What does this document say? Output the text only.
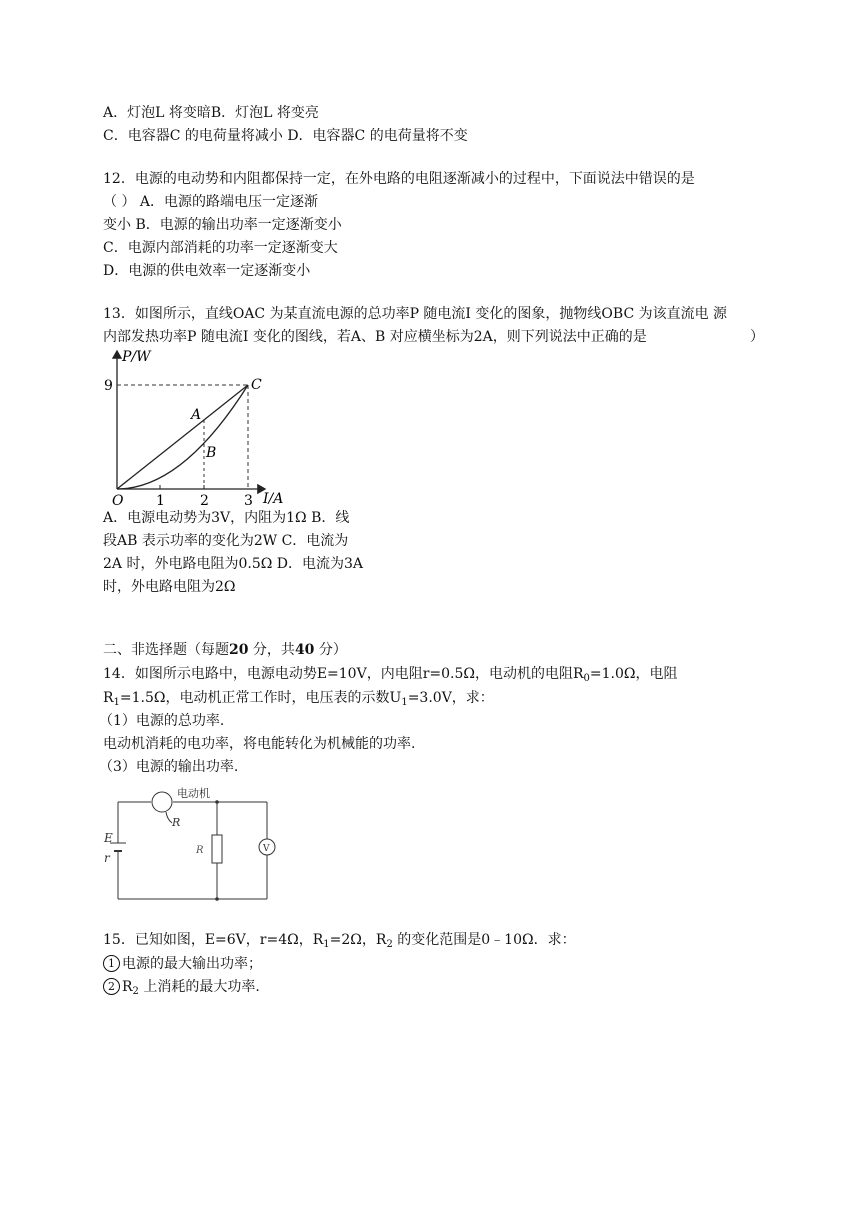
A．灯泡L 将变暗B．灯泡L 将变亮
C．电容器C 的电荷量将减小 D．电容器C 的电荷量将不变
12．电源的电动势和内阻都保持一定，在外电路的电阻逐渐减小的过程中，下面说法中错误的是
（ ） A．电源的路端电压一定逐渐
变小 B．电源的输出功率一定逐渐变小
C．电源内部消耗的功率一定逐渐变大
D．电源的供电效率一定逐渐变小
13．如图所示，直线OAC 为某直流电源的总功率P 随电流I 变化的图象，抛物线OBC 为该直流电 源
内部发热功率P 随电流I 变化的图线，若A、B 对应横坐标为2A，则下列说法中正确的是	）
P/W
9
O 1	2	3 I/A
A
B
C
A．电源电动势为3V，内阻为1Ω B．线
段AB 表示功率的变化为2W C．电流为
2A 时，外电路电阻为0.5Ω D．电流为3A
时，外电路电阻为2Ω
二、非选择题（每题20 分，共40 分）
14．如图所示电路中，电源电动势E=10V，内电阻r=0.5Ω，电动机的电阻$R_0=1.0\Omega$，电阻
$R_1=1.5\Omega$，电动机正常工作时，电压表的示数$U_1=3.0V$，求：
（1）电源的总功率.
电动机消耗的电功率，将电能转化为机械能的功率.
（3）电源的输出功率.
电动机
R
E
r
R	V
15．已知如图，E=6V，r=4Ω，$R_1=2\Omega$，$R_2$ 的变化范围是0﹣10Ω．求：
1 电源的最大输出功率；
2 $R_2$ 上消耗的最大功率.
